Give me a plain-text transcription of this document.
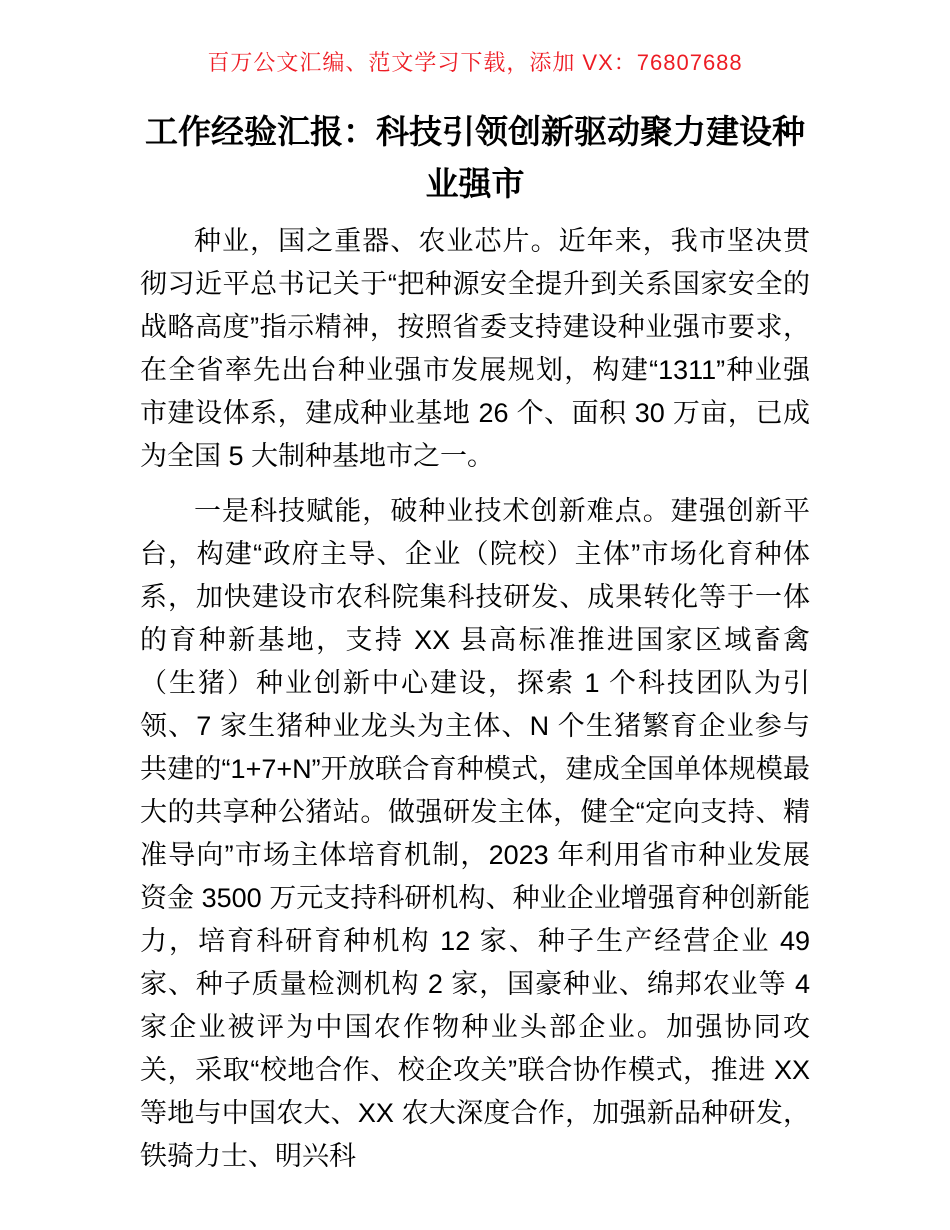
百万公文汇编、范文学习下载，添加 VX：76807688
工作经验汇报：科技引领创新驱动聚力建设种业强市

种业，国之重器、农业芯片。近年来，我市坚决贯彻习近平总书记关于“把种源安全提升到关系国家安全的战略高度”指示精神，按照省委支持建设种业强市要求，在全省率先出台种业强市发展规划，构建“1311”种业强市建设体系，建成种业基地 26 个、面积 30 万亩，已成为全国 5 大制种基地市之一。

一是科技赋能，破种业技术创新难点。建强创新平台，构建“政府主导、企业（院校）主体”市场化育种体系，加快建设市农科院集科技研发、成果转化等于一体的育种新基地，支持 XX 县高标准推进国家区域畜禽（生猪）种业创新中心建设，探索 1 个科技团队为引领、7 家生猪种业龙头为主体、N 个生猪繁育企业参与共建的“1+7+N”开放联合育种模式，建成全国单体规模最大的共享种公猪站。做强研发主体，健全“定向支持、精准导向”市场主体培育机制，2023 年利用省市种业发展资金 3500 万元支持科研机构、种业企业增强育种创新能力，培育科研育种机构 12 家、种子生产经营企业 49 家、种子质量检测机构 2 家，国豪种业、绵邦农业等 4 家企业被评为中国农作物种业头部企业。加强协同攻关，采取“校地合作、校企攻关”联合协作模式，推进 XX 等地与中国农大、XX 农大深度合作，加强新品种研发，铁骑力士、明兴科
